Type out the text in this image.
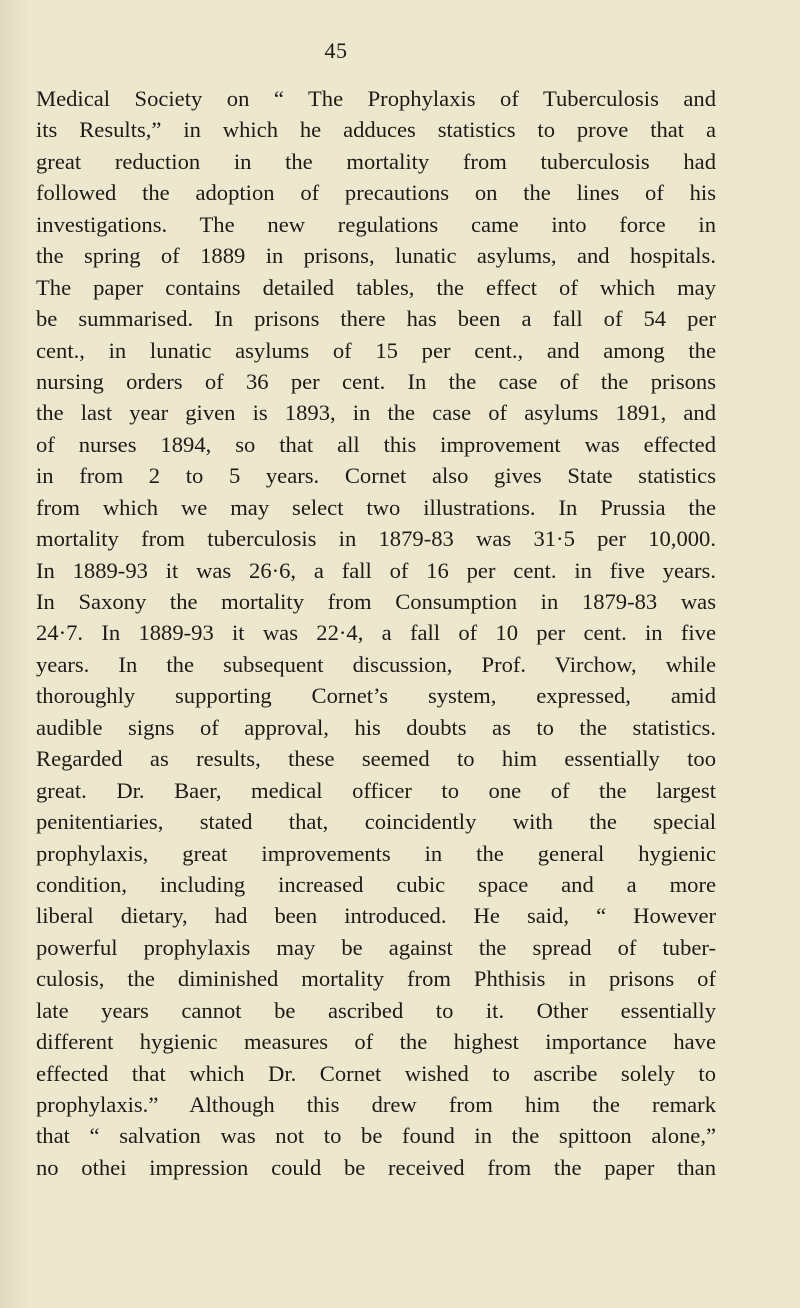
45
Medical Society on “ The Prophylaxis of Tuberculosis and
its Results,” in which he adduces statistics to prove that a
great reduction in the mortality from tuberculosis had
followed the adoption of precautions on the lines of his
investigations. The new regulations came into force in
the spring of 1889 in prisons, lunatic asylums, and hospitals.
The paper contains detailed tables, the effect of which may
be summarised. In prisons there has been a fall of 54 per
cent., in lunatic asylums of 15 per cent., and among the
nursing orders of 36 per cent. In the case of the prisons
the last year given is 1893, in the case of asylums 1891, and
of nurses 1894, so that all this improvement was effected
in from 2 to 5 years. Cornet also gives State statistics
from which we may select two illustrations. In Prussia the
mortality from tuberculosis in 1879-83 was 31·5 per 10,000.
In 1889-93 it was 26·6, a fall of 16 per cent. in five years.
In Saxony the mortality from Consumption in 1879-83 was
24·7. In 1889-93 it was 22·4, a fall of 10 per cent. in five
years. In the subsequent discussion, Prof. Virchow, while
thoroughly supporting Cornet’s system, expressed, amid
audible signs of approval, his doubts as to the statistics.
Regarded as results, these seemed to him essentially too
great. Dr. Baer, medical officer to one of the largest
penitentiaries, stated that, coincidently with the special
prophylaxis, great improvements in the general hygienic
condition, including increased cubic space and a more
liberal dietary, had been introduced. He said, “ However
powerful prophylaxis may be against the spread of tuber-
culosis, the diminished mortality from Phthisis in prisons of
late years cannot be ascribed to it. Other essentially
different hygienic measures of the highest importance have
effected that which Dr. Cornet wished to ascribe solely to
prophylaxis.” Although this drew from him the remark
that “ salvation was not to be found in the spittoon alone,”
no othei impression could be received from the paper than
